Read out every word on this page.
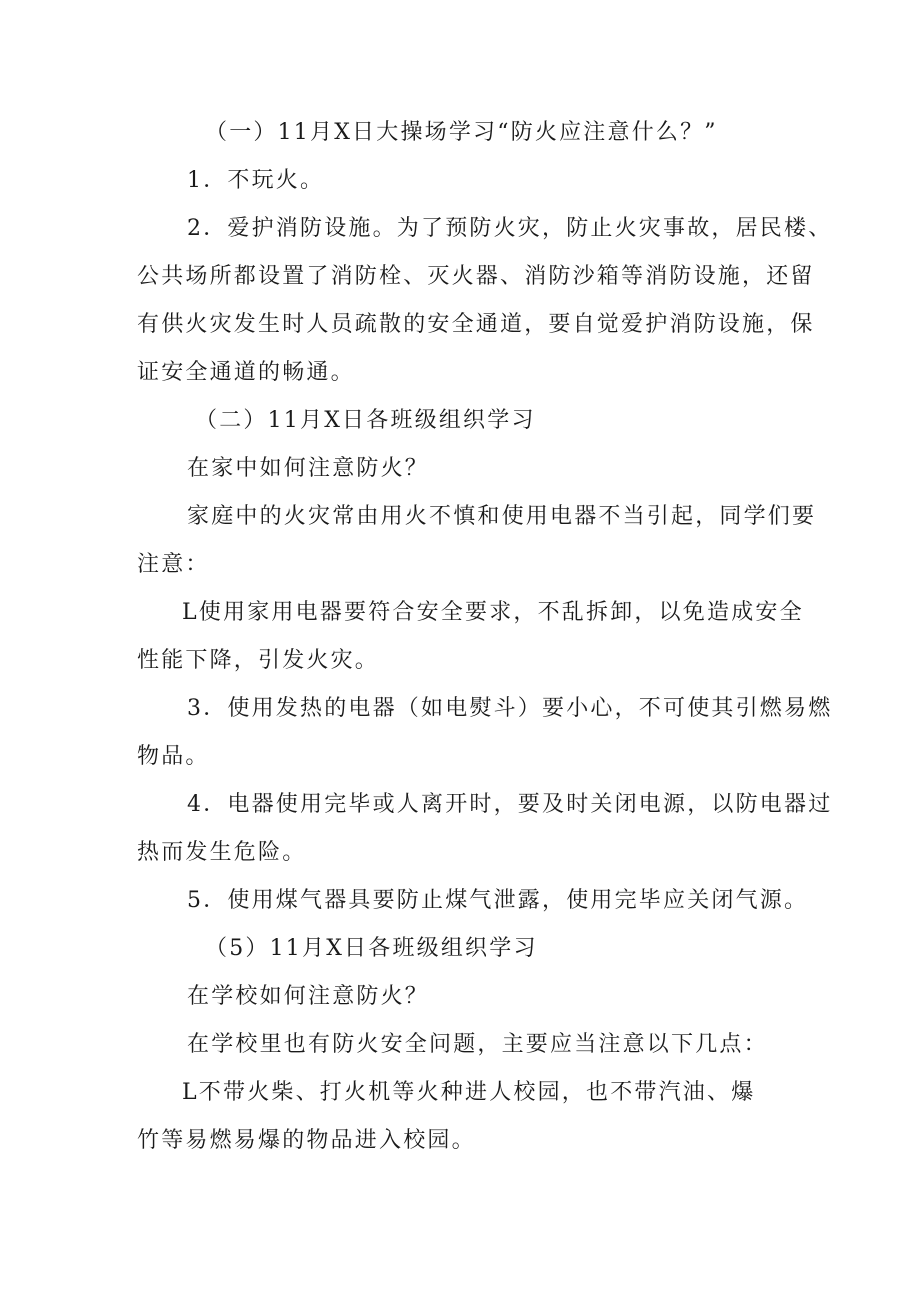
（一）11月X日大操场学习“防火应注意什么？”
1．不玩火。
2．爱护消防设施。为了预防火灾，防止火灾事故，居民楼、
公共场所都设置了消防栓、灭火器、消防沙箱等消防设施，还留
有供火灾发生时人员疏散的安全通道，要自觉爱护消防设施，保
证安全通道的畅通。
（二）11月X日各班级组织学习
在家中如何注意防火？
家庭中的火灾常由用火不慎和使用电器不当引起，同学们要
注意：
L使用家用电器要符合安全要求，不乱拆卸，以免造成安全
性能下降，引发火灾。
3．使用发热的电器（如电熨斗）要小心，不可使其引燃易燃
物品。
4．电器使用完毕或人离开时，要及时关闭电源，以防电器过
热而发生危险。
5．使用煤气器具要防止煤气泄露，使用完毕应关闭气源。
（5）11月X日各班级组织学习
在学校如何注意防火？
在学校里也有防火安全问题，主要应当注意以下几点：
L不带火柴、打火机等火种进人校园，也不带汽油、爆
竹等易燃易爆的物品进入校园。
